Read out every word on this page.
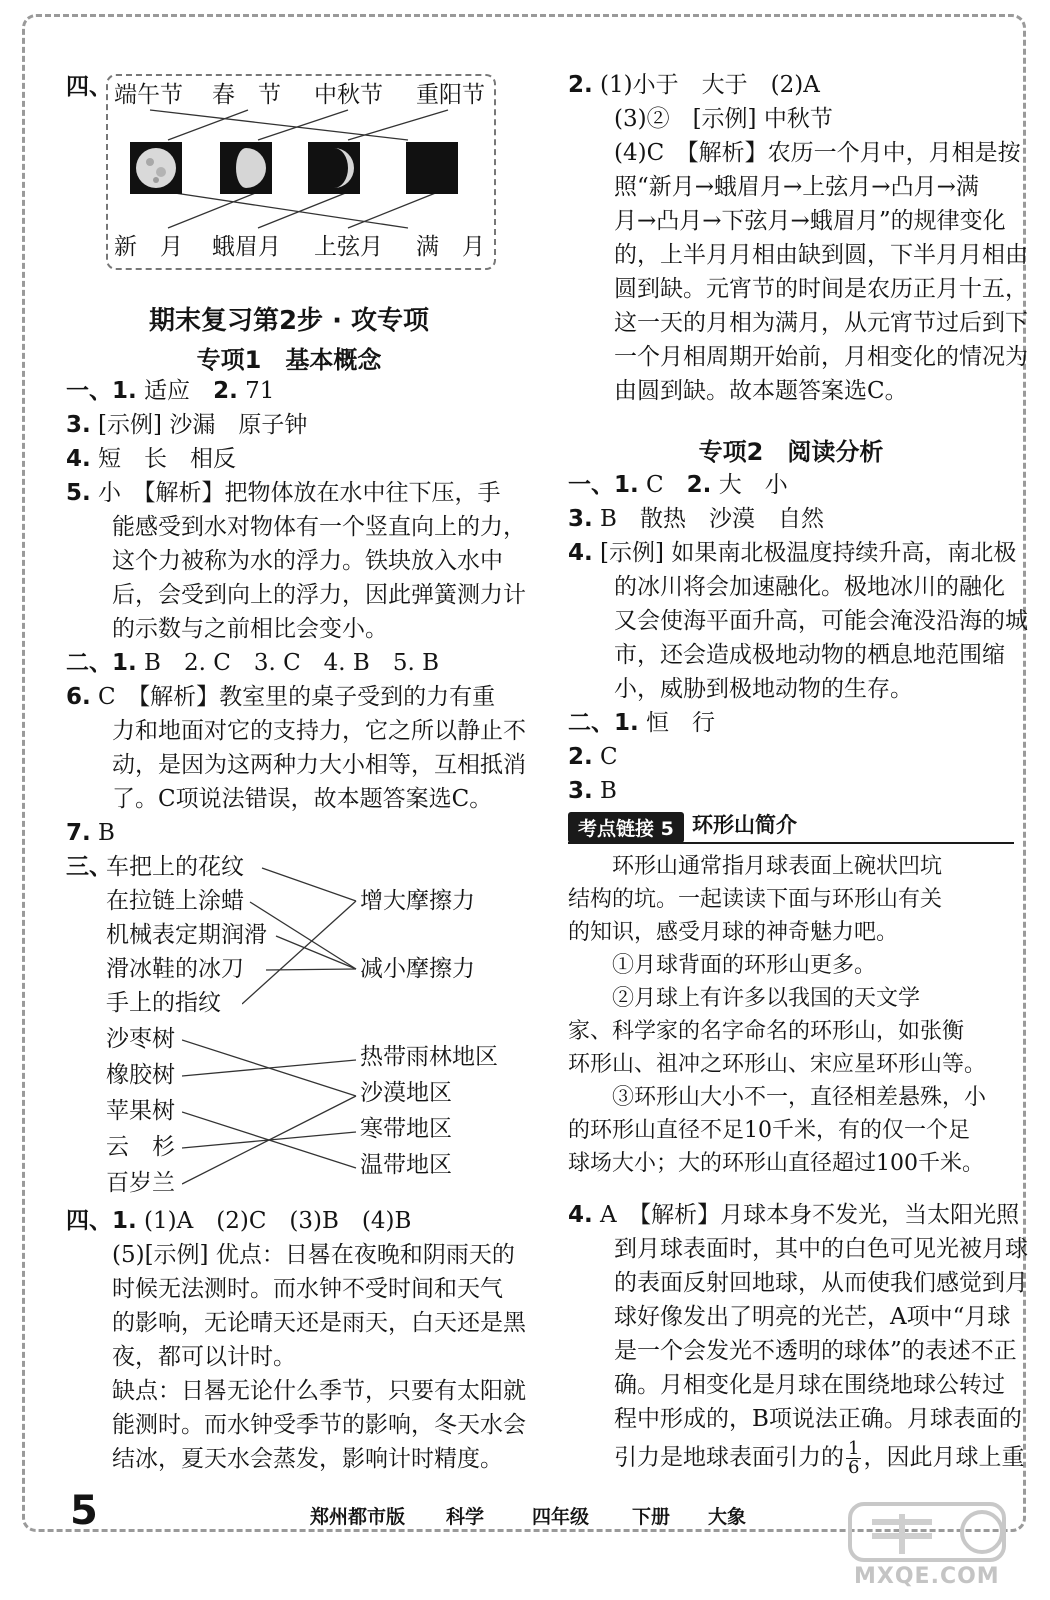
四、 端午节 春　节 中秋节 重阳节
新　月 蛾眉月 上弦月 满　月
期末复习第2步 · 攻专项
专项1　基本概念
一、1. 适应　2. 71
3. [示例] 沙漏　原子钟
4. 短　长　相反
5. 小　【解析】把物体放在水中往下压，手
能感受到水对物体有一个竖直向上的力，
这个力被称为水的浮力。铁块放入水中
后，会受到向上的浮力，因此弹簧测力计
的示数与之前相比会变小。
二、1. B　2. C　3. C　4. B　5. B
6. C　【解析】教室里的桌子受到的力有重
力和地面对它的支持力，它之所以静止不
动，是因为这两种力大小相等，互相抵消
了。C项说法错误，故本题答案选C。
7. B
三、
车把上的花纹
在拉链上涂蜡
机械表定期润滑
滑冰鞋的冰刀
手上的指纹
增大摩擦力
减小摩擦力
沙枣树
橡胶树
苹果树
云　杉
百岁兰
热带雨林地区
沙漠地区
寒带地区
温带地区
四、1. (1)A　(2)C　(3)B　(4)B
(5)[示例] 优点：日晷在夜晚和阴雨天的
时候无法测时。而水钟不受时间和天气
的影响，无论晴天还是雨天，白天还是黑
夜，都可以计时。
缺点：日晷无论什么季节，只要有太阳就
能测时。而水钟受季节的影响，冬天水会
结冰，夏天水会蒸发，影响计时精度。
2. (1)小于　大于　(2)A
(3)②　[示例] 中秋节
(4)C　【解析】农历一个月中，月相是按
照“新月→蛾眉月→上弦月→凸月→满
月→凸月→下弦月→蛾眉月”的规律变化
的，上半月月相由缺到圆，下半月月相由
圆到缺。元宵节的时间是农历正月十五，
这一天的月相为满月，从元宵节过后到下
一个月相周期开始前，月相变化的情况为
由圆到缺。故本题答案选C。
专项2　阅读分析
一、1. C　2. 大　小
3. B　散热　沙漠　自然
4. [示例] 如果南北极温度持续升高，南北极
的冰川将会加速融化。极地冰川的融化
又会使海平面升高，可能会淹没沿海的城
市，还会造成极地动物的栖息地范围缩
小，威胁到极地动物的生存。
二、1. 恒　行
2. C
3. B
考点链接 5 环形山简介
　　环形山通常指月球表面上碗状凹坑
结构的坑。一起读读下面与环形山有关
的知识，感受月球的神奇魅力吧。
　　①月球背面的环形山更多。
　　②月球上有许多以我国的天文学
家、科学家的名字命名的环形山，如张衡
环形山、祖冲之环形山、宋应星环形山等。
　　③环形山大小不一，直径相差悬殊，小
的环形山直径不足10千米，有的仅一个足
球场大小；大的环形山直径超过100千米。
4. A　【解析】月球本身不发光，当太阳光照
到月球表面时，其中的白色可见光被月球
的表面反射回地球，从而使我们感觉到月
球好像发出了明亮的光芒，A项中“月球
是一个会发光不透明的球体”的表述不正
确。月相变化是月球在围绕地球公转过
程中形成的，B项说法正确。月球表面的
引力是地球表面引力的 $\frac{1}{6}$ ，因此月球上重
5	郑州都市版 科学	四年级 下册 大象
MXQE.COM
